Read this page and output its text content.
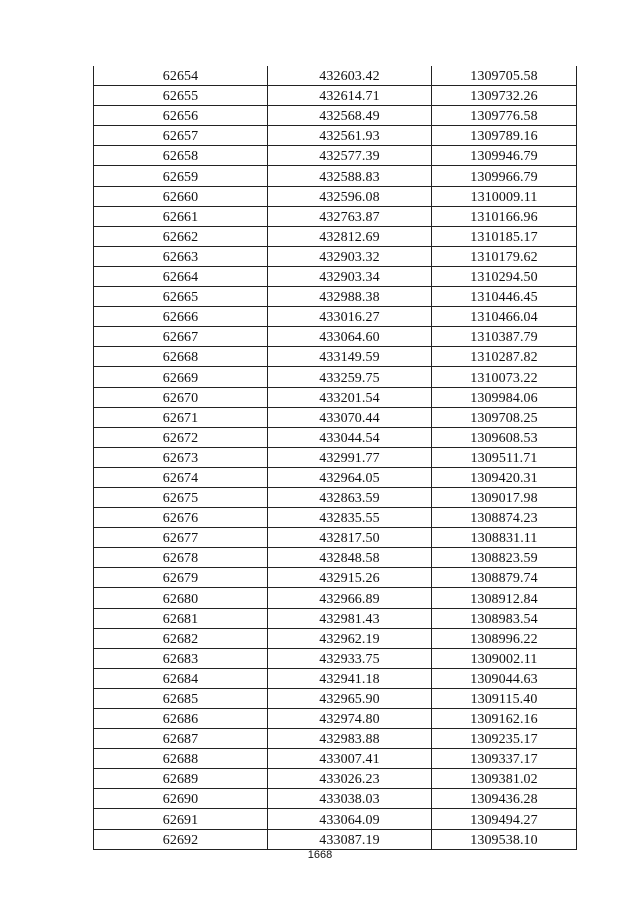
62654	432603.42	1309705.58
62655	432614.71	1309732.26
62656	432568.49	1309776.58
62657	432561.93	1309789.16
62658	432577.39	1309946.79
62659	432588.83	1309966.79
62660	432596.08	1310009.11
62661	432763.87	1310166.96
62662	432812.69	1310185.17
62663	432903.32	1310179.62
62664	432903.34	1310294.50
62665	432988.38	1310446.45
62666	433016.27	1310466.04
62667	433064.60	1310387.79
62668	433149.59	1310287.82
62669	433259.75	1310073.22
62670	433201.54	1309984.06
62671	433070.44	1309708.25
62672	433044.54	1309608.53
62673	432991.77	1309511.71
62674	432964.05	1309420.31
62675	432863.59	1309017.98
62676	432835.55	1308874.23
62677	432817.50	1308831.11
62678	432848.58	1308823.59
62679	432915.26	1308879.74
62680	432966.89	1308912.84
62681	432981.43	1308983.54
62682	432962.19	1308996.22
62683	432933.75	1309002.11
62684	432941.18	1309044.63
62685	432965.90	1309115.40
62686	432974.80	1309162.16
62687	432983.88	1309235.17
62688	433007.41	1309337.17
62689	433026.23	1309381.02
62690	433038.03	1309436.28
62691	433064.09	1309494.27
62692	433087.19	1309538.10
1668
